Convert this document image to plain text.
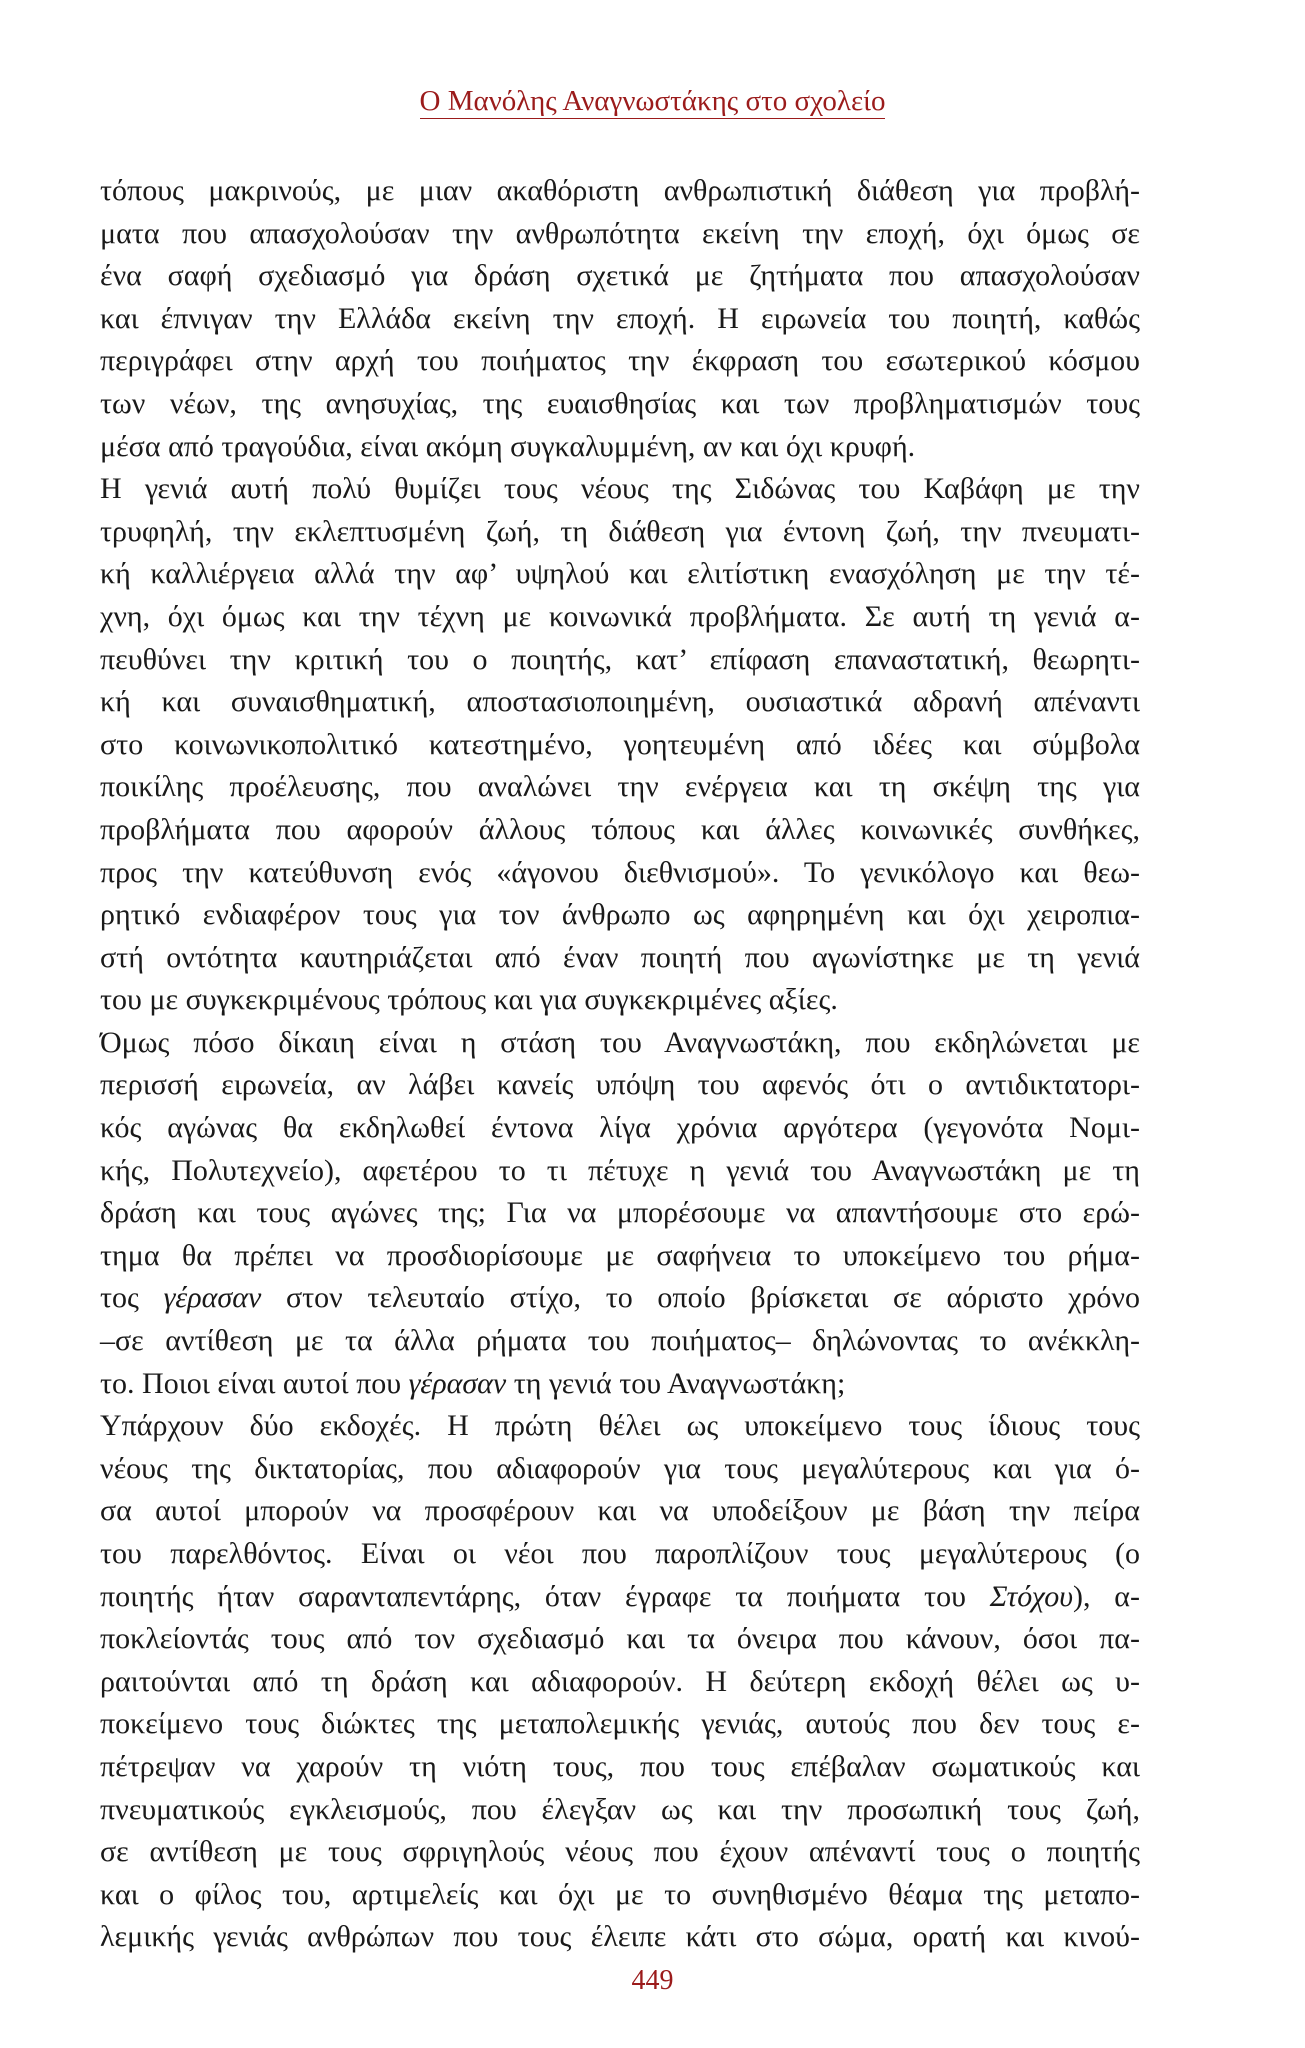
Ο Μανόλης Αναγνωστάκης στο σχολείο
τόπους μακρινούς, με μιαν ακαθόριστη ανθρωπιστική διάθεση για προβλή-
ματα που απασχολούσαν την ανθρωπότητα εκείνη την εποχή, όχι όμως σε
ένα σαφή σχεδιασμό για δράση σχετικά με ζητήματα που απασχολούσαν
και έπνιγαν την Ελλάδα εκείνη την εποχή. Η ειρωνεία του ποιητή, καθώς
περιγράφει στην αρχή του ποιήματος την έκφραση του εσωτερικού κόσμου
των νέων, της ανησυχίας, της ευαισθησίας και των προβληματισμών τους
μέσα από τραγούδια, είναι ακόμη συγκαλυμμένη, αν και όχι κρυφή.
Η γενιά αυτή πολύ θυμίζει τους νέους της Σιδώνας του Καβάφη με την
τρυφηλή, την εκλεπτυσμένη ζωή, τη διάθεση για έντονη ζωή, την πνευματι-
κή καλλιέργεια αλλά την αφ’ υψηλού και ελιτίστικη ενασχόληση με την τέ-
χνη, όχι όμως και την τέχνη με κοινωνικά προβλήματα. Σε αυτή τη γενιά α-
πευθύνει την κριτική του ο ποιητής, κατ’ επίφαση επαναστατική, θεωρητι-
κή και συναισθηματική, αποστασιοποιημένη, ουσιαστικά αδρανή απέναντι
στο κοινωνικοπολιτικό κατεστημένο, γοητευμένη από ιδέες και σύμβολα
ποικίλης προέλευσης, που αναλώνει την ενέργεια και τη σκέψη της για
προβλήματα που αφορούν άλλους τόπους και άλλες κοινωνικές συνθήκες,
προς την κατεύθυνση ενός «άγονου διεθνισμού». Το γενικόλογο και θεω-
ρητικό ενδιαφέρον τους για τον άνθρωπο ως αφηρημένη και όχι χειροπια-
στή οντότητα καυτηριάζεται από έναν ποιητή που αγωνίστηκε με τη γενιά
του με συγκεκριμένους τρόπους και για συγκεκριμένες αξίες.
Όμως πόσο δίκαιη είναι η στάση του Αναγνωστάκη, που εκδηλώνεται με
περισσή ειρωνεία, αν λάβει κανείς υπόψη του αφενός ότι ο αντιδικτατορι-
κός αγώνας θα εκδηλωθεί έντονα λίγα χρόνια αργότερα (γεγονότα Νομι-
κής, Πολυτεχνείο), αφετέρου το τι πέτυχε η γενιά του Αναγνωστάκη με τη
δράση και τους αγώνες της; Για να μπορέσουμε να απαντήσουμε στο ερώ-
τημα θα πρέπει να προσδιορίσουμε με σαφήνεια το υποκείμενο του ρήμα-
τος γέρασαν στον τελευταίο στίχο, το οποίο βρίσκεται σε αόριστο χρόνο
–σε αντίθεση με τα άλλα ρήματα του ποιήματος– δηλώνοντας το ανέκκλη-
το. Ποιοι είναι αυτοί που γέρασαν τη γενιά του Αναγνωστάκη;
Υπάρχουν δύο εκδοχές. Η πρώτη θέλει ως υποκείμενο τους ίδιους τους
νέους της δικτατορίας, που αδιαφορούν για τους μεγαλύτερους και για ό-
σα αυτοί μπορούν να προσφέρουν και να υποδείξουν με βάση την πείρα
του παρελθόντος. Είναι οι νέοι που παροπλίζουν τους μεγαλύτερους (ο
ποιητής ήταν σαρανταπεντάρης, όταν έγραφε τα ποιήματα του Στόχου), α-
ποκλείοντάς τους από τον σχεδιασμό και τα όνειρα που κάνουν, όσοι πα-
ραιτούνται από τη δράση και αδιαφορούν. Η δεύτερη εκδοχή θέλει ως υ-
ποκείμενο τους διώκτες της μεταπολεμικής γενιάς, αυτούς που δεν τους ε-
πέτρεψαν να χαρούν τη νιότη τους, που τους επέβαλαν σωματικούς και
πνευματικούς εγκλεισμούς, που έλεγξαν ως και την προσωπική τους ζωή,
σε αντίθεση με τους σφριγηλούς νέους που έχουν απέναντί τους ο ποιητής
και ο φίλος του, αρτιμελείς και όχι με το συνηθισμένο θέαμα της μεταπο-
λεμικής γενιάς ανθρώπων που τους έλειπε κάτι στο σώμα, ορατή και κινού-
449
